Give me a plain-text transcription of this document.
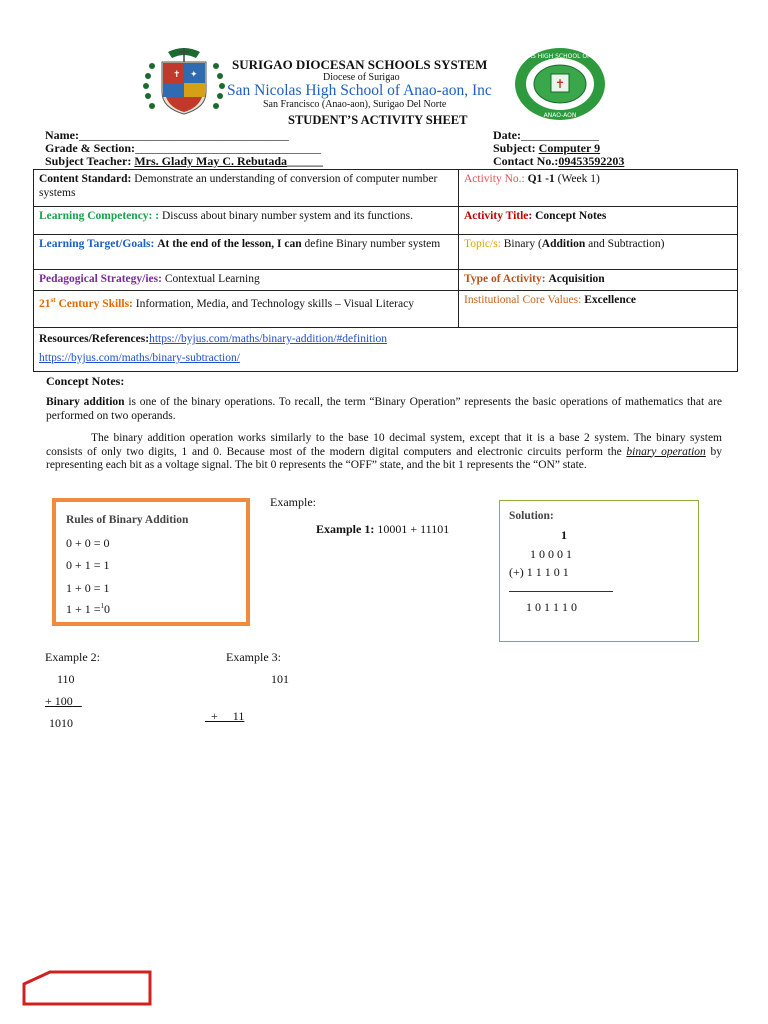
✝ ✦
SURIGAO DIOCESAN SCHOOLS SYSTEM
Diocese of Surigao
San Nicolas High School of Anao-aon, Inc
San Francisco (Anao-aon), Surigao Del Norte
STUDENT’S ACTIVITY SHEET
✝
SAN NICOLAS HIGH SCHOOL OF ANAO-AON
ANAO-AON
Name:___________________________________
Grade & Section:_______________________________
Subject Teacher: Mrs. Glady May C. Rebutada______
Date:_____________
Subject: Computer 9
Contact No.:09453592203
Content Standard: Demonstrate an understanding of conversion of computer number systems	Activity No.: Q1 -1 (Week 1)
Learning Competency: : Discuss about binary number system and its functions.	Activity Title: Concept Notes
Learning Target/Goals: At the end of the lesson, I can define Binary number system	Topic/s: Binary (Addition and Subtraction)
Pedagogical Strategy/ies: Contextual Learning	Type of Activity: Acquisition
21st Century Skills: Information, Media, and Technology skills – Visual Literacy	Institutional Core Values: Excellence
Resources/References:https://byjus.com/maths/binary-addition/#definition
https://byjus.com/maths/binary-subtraction/	
Concept Notes:
Binary addition is one of the binary operations. To recall, the term “Binary Operation” represents the basic operations of mathematics that are performed on two operands.
The binary addition operation works similarly to the base 10 decimal system, except that it is a base 2 system. The binary system consists of only two digits, 1 and 0. Because most of the modern digital computers and electronic circuits perform the binary operation by representing each bit as a voltage signal. The bit 0 represents the “OFF” state, and the bit 1 represents the “ON” state.
Rules of Binary Addition
0 + 0 = 0
0 + 1 = 1
1 + 0 = 1
1 + 1 =$^1$0
Example:
Example 1: 10001 + 11101
Solution:
1
1 0 0 0 1
(+) 1 1 1 0 1
1 0 1 1 1 0
Example 2:
110
+ 100
1010
Example 3:
101

+     11
